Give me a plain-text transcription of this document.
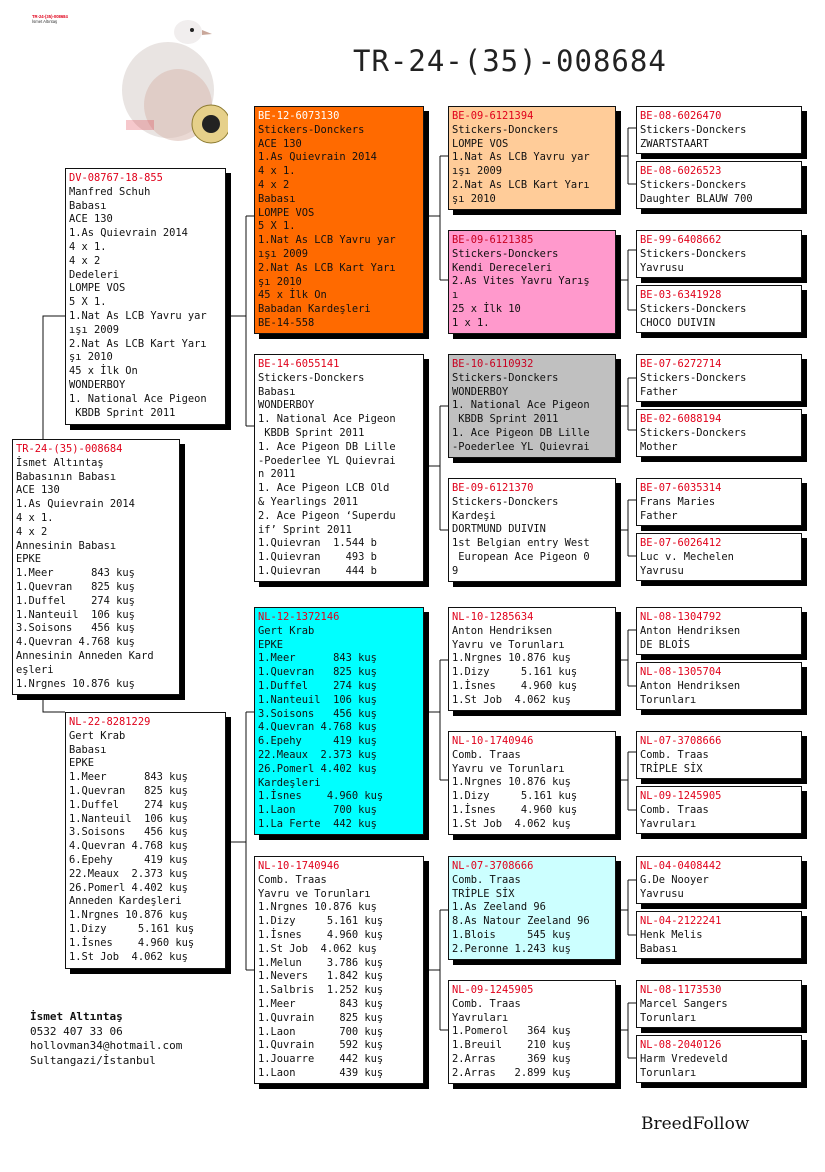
TR-24-(35)-008684
TR-24-(35)-008684
İsmet Altıntaş
TR-24-(35)-008684
İsmet Altıntaş
Babasının Babası
ACE 130
1.As Quievrain 2014
4 x 1.
4 x 2
Annesinin Babası
EPKE
1.Meer      843 kuş
1.Quevran   825 kuş
1.Duffel    274 kuş
1.Nanteuil  106 kuş
3.Soisons   456 kuş
4.Quevran 4.768 kuş
Annesinin Anneden Kard
eşleri
1.Nrgnes 10.876 kuş
DV-08767-18-855
Manfred Schuh
Babası
ACE 130
1.As Quievrain 2014
4 x 1.
4 x 2
Dedeleri
LOMPE VOS
5 X 1.
1.Nat As LCB Yavru yar
ışı 2009
2.Nat As LCB Kart Yarı
şı 2010
45 x İlk On
WONDERBOY
1. National Ace Pigeon
KBDB Sprint 2011
NL-22-8281229
Gert Krab
Babası
EPKE
1.Meer      843 kuş
1.Quevran   825 kuş
1.Duffel    274 kuş
1.Nanteuil  106 kuş
3.Soisons   456 kuş
4.Quevran 4.768 kuş
6.Epehy     419 kuş
22.Meaux  2.373 kuş
26.Pomerl 4.402 kuş
Anneden Kardeşleri
1.Nrgnes 10.876 kuş
1.Dizy     5.161 kuş
1.İsnes    4.960 kuş
1.St Job  4.062 kuş
BE-12-6073130
Stickers-Donckers
ACE 130
1.As Quievrain 2014
4 x 1.
4 x 2
Babası
LOMPE VOS
5 X 1.
1.Nat As LCB Yavru yar
ışı 2009
2.Nat As LCB Kart Yarı
şı 2010
45 x İlk On
Babadan Kardeşleri
BE-14-558
BE-14-6055141
Stickers-Donckers
Babası
WONDERBOY
1. National Ace Pigeon
KBDB Sprint 2011
1. Ace Pigeon DB Lille
-Poederlee YL Quievrai
n 2011
1. Ace Pigeon LCB Old
& Yearlings 2011
2. Ace Pigeon ‘Superdu
if’ Sprint 2011
1.Quievran  1.544 b
1.Quievran    493 b
1.Quievran    444 b
NL-12-1372146
Gert Krab
EPKE
1.Meer      843 kuş
1.Quevran   825 kuş
1.Duffel    274 kuş
1.Nanteuil  106 kuş
3.Soisons   456 kuş
4.Quevran 4.768 kuş
6.Epehy     419 kuş
22.Meaux  2.373 kuş
26.Pomerl 4.402 kuş
Kardeşleri
1.İsnes    4.960 kuş
1.Laon      700 kuş
1.La Ferte  442 kuş
NL-10-1740946
Comb. Traas
Yavru ve Torunları
1.Nrgnes 10.876 kuş
1.Dizy     5.161 kuş
1.İsnes    4.960 kuş
1.St Job  4.062 kuş
1.Melun    3.786 kuş
1.Nevers   1.842 kuş
1.Salbris  1.252 kuş
1.Meer       843 kuş
1.Quvrain    825 kuş
1.Laon       700 kuş
1.Quvrain    592 kuş
1.Jouarre    442 kuş
1.Laon       439 kuş
BE-09-6121394
Stickers-Donckers
LOMPE VOS
1.Nat As LCB Yavru yar
ışı 2009
2.Nat As LCB Kart Yarı
şı 2010
BE-09-6121385
Stickers-Donckers
Kendi Dereceleri
2.As Vites Yavru Yarış
ı
25 x İlk 10
1 x 1.
BE-10-6110932
Stickers-Donckers
WONDERBOY
1. National Ace Pigeon
KBDB Sprint 2011
1. Ace Pigeon DB Lille
-Poederlee YL Quievrai
BE-09-6121370
Stickers-Donckers
Kardeşi
DORTMUND DUIVIN
1st Belgian entry West
European Ace Pigeon 0
9
NL-10-1285634
Anton Hendriksen
Yavru ve Torunları
1.Nrgnes 10.876 kuş
1.Dizy     5.161 kuş
1.İsnes    4.960 kuş
1.St Job  4.062 kuş
NL-10-1740946
Comb. Traas
Yavru ve Torunları
1.Nrgnes 10.876 kuş
1.Dizy     5.161 kuş
1.İsnes    4.960 kuş
1.St Job  4.062 kuş
NL-07-3708666
Comb. Traas
TRİPLE SİX
1.As Zeeland 96
8.As Natour Zeeland 96
1.Blois     545 kuş
2.Peronne 1.243 kuş
NL-09-1245905
Comb. Traas
Yavruları
1.Pomerol   364 kuş
1.Breuil    210 kuş
2.Arras     369 kuş
2.Arras   2.899 kuş
BE-08-6026470
Stickers-Donckers
ZWARTSTAART
BE-08-6026523
Stickers-Donckers
Daughter BLAUW 700
BE-99-6408662
Stickers-Donckers
Yavrusu
BE-03-6341928
Stickers-Donckers
CHOCO DUIVIN
BE-07-6272714
Stickers-Donckers
Father
BE-02-6088194
Stickers-Donckers
Mother
BE-07-6035314
Frans Maries
Father
BE-07-6026412
Luc v. Mechelen
Yavrusu
NL-08-1304792
Anton Hendriksen
DE BLOİS
NL-08-1305704
Anton Hendriksen
Torunları
NL-07-3708666
Comb. Traas
TRİPLE SİX
NL-09-1245905
Comb. Traas
Yavruları
NL-04-0408442
G.De Nooyer
Yavrusu
NL-04-2122241
Henk Melis
Babası
NL-08-1173530
Marcel Sangers
Torunları
NL-08-2040126
Harm Vredeveld
Torunları
İsmet Altıntaş
0532 407 33 06
hollovman34@hotmail.com
Sultangazi/İstanbul
BreedFollow
